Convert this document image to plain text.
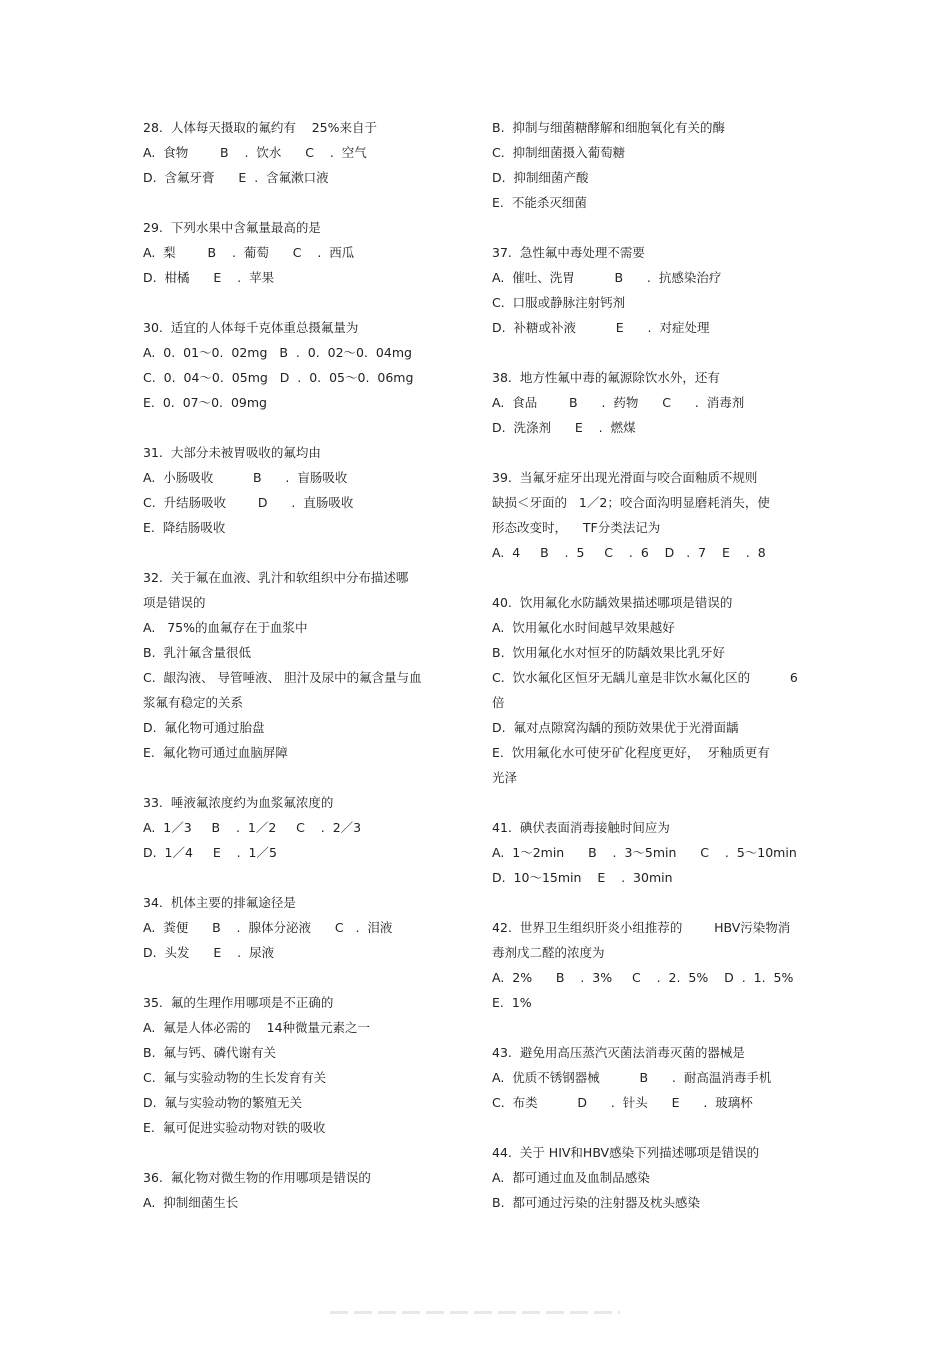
28.  人体每天摄取的氟约有    25%来自于
A.  食物        B    .  饮水      C    .  空气
D.  含氟牙膏      E  .  含氟漱口液
29.  下列水果中含氟量最高的是
A.  梨        B    .  葡萄      C    .  西瓜
D.  柑橘      E    .  苹果
30.  适宜的人体每千克体重总摄氟量为
A.  0.  01～0.  02mg   B  .  0.  02～0.  04mg
C.  0.  04～0.  05mg   D  .  0.  05～0.  06mg
E.  0.  07～0.  09mg
31.  大部分未被胃吸收的氟均由
A.  小肠吸收          B      .  盲肠吸收
C.  升结肠吸收        D      .  直肠吸收
E.  降结肠吸收
32.  关于氟在血液、乳汁和软组织中分布描述哪
项是错误的
A.   75%的血氟存在于血浆中
B.  乳汁氟含量很低
C.  龈沟液、 导管唾液、 胆汁及尿中的氟含量与血
浆氟有稳定的关系
D.  氟化物可通过胎盘
E.  氟化物可通过血脑屏障
33.  唾液氟浓度约为血浆氟浓度的
A.  1／3     B    .  1／2     C    .  2／3
D.  1／4     E    .  1／5
34.  机体主要的排氟途径是
A.  粪便      B    .  腺体分泌液      C   .  泪液
D.  头发      E    .  尿液
35.  氟的生理作用哪项是不正确的
A.  氟是人体必需的    14种微量元素之一
B.  氟与钙、磷代谢有关
C.  氟与实验动物的生长发育有关
D.  氟与实验动物的繁殖无关
E.  氟可促进实验动物对铁的吸收
36.  氟化物对微生物的作用哪项是错误的
A.  抑制细菌生长
B.  抑制与细菌糖酵解和细胞氧化有关的酶
C.  抑制细菌摄入葡萄糖
D.  抑制细菌产酸
E.  不能杀灭细菌
37.  急性氟中毒处理不需要
A.  催吐、洗胃          B      .  抗感染治疗
C.  口服或静脉注射钙剂
D.  补糖或补液          E      .  对症处理
38.  地方性氟中毒的氟源除饮水外，还有
A.  食品        B      .  药物      C      .  消毒剂
D.  洗涤剂      E    .  燃煤
39.  当氟牙症牙出现光滑面与咬合面釉质不规则
缺损＜牙面的   1／2；咬合面沟明显磨耗消失，使
形态改变时，    TF分类法记为
A.  4     B    .  5     C    .  6    D   .  7    E    .  8
40.  饮用氟化水防龋效果描述哪项是错误的
A.  饮用氟化水时间越早效果越好
B.  饮用氟化水对恒牙的防龋效果比乳牙好
C.  饮水氟化区恒牙无龋儿童是非饮水氟化区的          6
倍
D.  氟对点隙窝沟龋的预防效果优于光滑面龋
E.  饮用氟化水可使牙矿化程度更好，  牙釉质更有
光泽
41.  碘伏表面消毒接触时间应为
A.  1～2min      B    .  3～5min      C    .  5～10min
D.  10～15min    E    .  30min
42.  世界卫生组织肝炎小组推荐的        HBV污染物消
毒剂戊二醛的浓度为
A.  2%      B    .  3%     C    .  2.  5%    D  .  1.  5%
E.  1%
43.  避免用高压蒸汽灭菌法消毒灭菌的器械是
A.  优质不锈钢器械          B      .  耐高温消毒手机
C.  布类          D      .  针头      E      .  玻璃杯
44.  关于 HIV和HBV感染下列描述哪项是错误的
A.  都可通过血及血制品感染
B.  都可通过污染的注射器及枕头感染
